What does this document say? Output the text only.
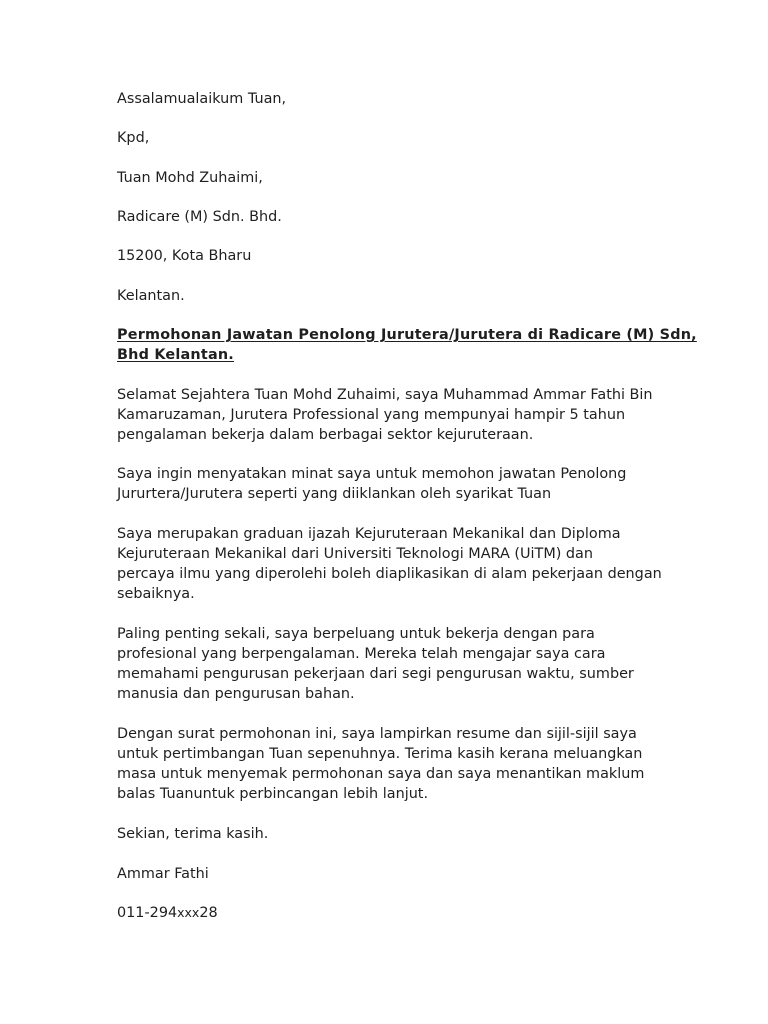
Assalamualaikum Tuan,
Kpd,
Tuan Mohd Zuhaimi,
Radicare (M) Sdn. Bhd.
15200, Kota Bharu
Kelantan.
Permohonan Jawatan Penolong Jurutera/Jurutera di Radicare (M) Sdn,
Bhd Kelantan.
Selamat Sejahtera Tuan Mohd Zuhaimi, saya Muhammad Ammar Fathi Bin
Kamaruzaman, Jurutera Professional yang mempunyai hampir 5 tahun
pengalaman bekerja dalam berbagai sektor kejuruteraan.
Saya ingin menyatakan minat saya untuk memohon jawatan Penolong
Jururtera/Jurutera seperti yang diiklankan oleh syarikat Tuan
Saya merupakan graduan ijazah Kejuruteraan Mekanikal dan Diploma
Kejuruteraan Mekanikal dari Universiti Teknologi MARA (UiTM) dan
percaya ilmu yang diperolehi boleh diaplikasikan di alam pekerjaan dengan
sebaiknya.
Paling penting sekali, saya berpeluang untuk bekerja dengan para
profesional yang berpengalaman. Mereka telah mengajar saya cara
memahami pengurusan pekerjaan dari segi pengurusan waktu, sumber
manusia dan pengurusan bahan.
Dengan surat permohonan ini, saya lampirkan resume dan sijil-sijil saya
untuk pertimbangan Tuan sepenuhnya. Terima kasih kerana meluangkan
masa untuk menyemak permohonan saya dan saya menantikan maklum
balas Tuanuntuk perbincangan lebih lanjut.
Sekian, terima kasih.
Ammar Fathi
011-294xxx28
